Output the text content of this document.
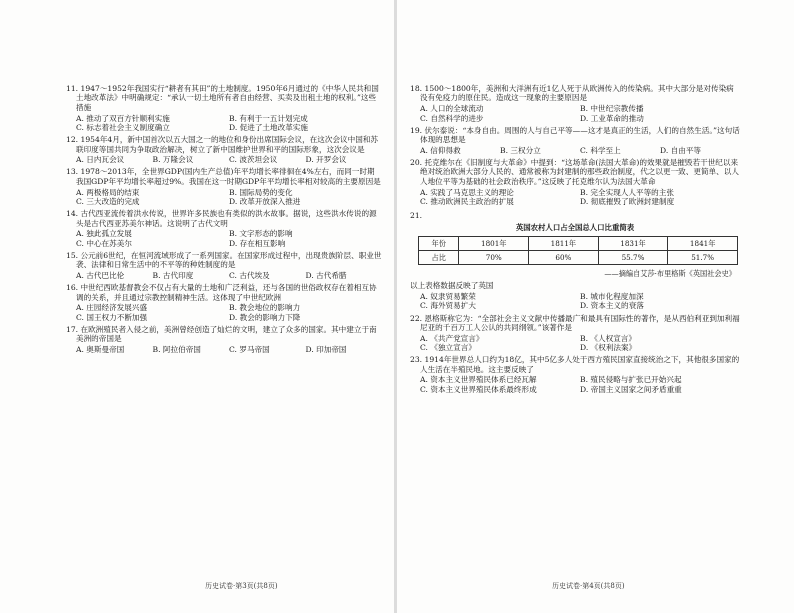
11. 1947～1952年我国实行“耕者有其田”的土地制度。1950年6月通过的《中华人民共和国土地改革法》中明确规定：“承认一切土地所有者自由经营、买卖及出租土地的权利。”这些措施
A. 推动了双百方针顺利实施	B. 有利于一五计划完成
C. 标志着社会主义制度确立	D. 促进了土地改革实施
12. 1954年4月，新中国首次以五大国之一的地位和身份出席国际会议，在这次会议中国和苏联印度等国共同为争取政治解决，树立了新中国维护世界和平的国际形象，这次会议是
A. 日内瓦会议	B. 万隆会议	C. 波茨坦会议	D. 开罗会议
13. 1978～2013年，全世界GDP(国内生产总值)年平均增长率徘徊在4%左右，而同一时期我国GDP年平均增长率超过9%。我国在这一时期GDP年平均增长率相对较高的主要原因是
A. 两极格局的结束	B. 国际局势的变化
C. 三大改造的完成	D. 改革开放深入推进
14. 古代西亚流传着洪水传说，世界许多民族也有类似的洪水故事。据说，这些洪水传说的源头是古代西亚苏美尔神话。这说明了古代文明
A. 独此孤立发展	B. 文字形态的影响
C. 中心在苏美尔	D. 存在相互影响
15. 公元前6世纪，在恒河流域形成了一系列国家。在国家形成过程中，出现贵族阶层、职业世袭、法律和日常生活中的不平等的种姓制度的是
A. 古代巴比伦	B. 古代印度	C. 古代埃及	D. 古代希腊
16. 中世纪西欧基督教会不仅占有大量的土地和广泛利益，还与各国的世俗政权存在着相互协调的关系，并且通过宗教控制精神生活。这体现了中世纪欧洲
A. 庄园经济发展兴盛	B. 教会地位的影响力
C. 国王权力不断加强	D. 教会的影响力下降
17. 在欧洲殖民者入侵之前，美洲曾经创造了灿烂的文明，建立了众多的国家。其中建立于南美洲的帝国是
A. 奥斯曼帝国	B. 阿拉伯帝国	C. 罗马帝国	D. 印加帝国
历史试卷·第3页(共8页)
18. 1500～1800年，美洲和大洋洲有近1亿人死于从欧洲传入的传染病。其中大部分是对传染病没有免疫力的原住民。造成这一现象的主要原因是
A. 人口的全球流动	B. 中世纪宗教传播
C. 自然科学的进步	D. 工业革命的推动
19. 伏尔泰说：“本身自由。周围的人与自己平等——这才是真正的生活，人们的自然生活。”这句话体现的思想是
A. 信仰得救	B. 三权分立	C. 科学至上	D. 自由平等
20. 托克维尔在《旧制度与大革命》中提到：“这场革命(法国大革命)的效果就是摧毁若干世纪以来绝对统治欧洲大部分人民的、通常被称为封建制的那些政治制度，代之以更一致、更简单、以人人地位平等为基础的社会政治秩序。”这反映了托克维尔认为法国大革命
A. 实践了马克思主义的理论	B. 完全实现人人平等的主张
C. 推动欧洲民主政治的扩展	D. 彻底摧毁了欧洲封建制度
21.
英国农村人口占全国总人口比重简表
年份	1801年	1811年	1831年	1841年
占比	70%	60%	55.7%	51.7%
——摘编自艾莎·布里格斯《英国社会史》
以上表格数据反映了英国
A. 奴隶贸易繁荣	B. 城市化程度加深
C. 海外贸易扩大	D. 资本主义的衰落
22. 恩格斯称它为：“全部社会主义文献中传播最广和最具有国际性的著作，是从西伯利亚到加利福尼亚的千百万工人公认的共同纲领。”该著作是
A. 《共产党宣言》	B. 《人权宣言》
C. 《独立宣言》	D. 《权利法案》
23. 1914年世界总人口约为18亿，其中5亿多人处于西方殖民国家直接统治之下，其他很多国家的人生活在半殖民地。这主要反映了
A. 资本主义世界殖民体系已经瓦解	B. 殖民侵略与扩张已开始兴起
C. 资本主义世界殖民体系最终形成	D. 帝国主义国家之间矛盾重重
历史试卷·第4页(共8页)
